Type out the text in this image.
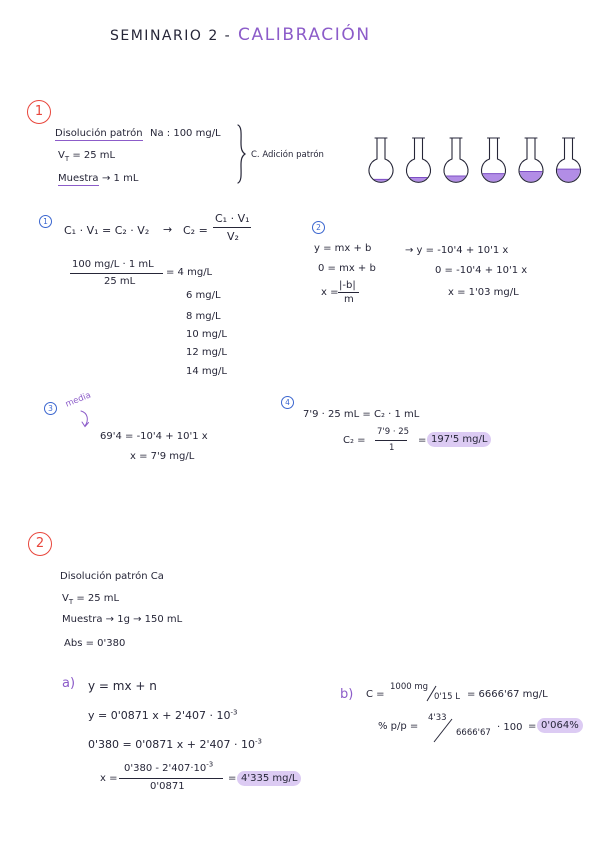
SEMINARIO 2 - CALIBRACIÓN
1
Disolución patrón Na : 100 mg/L
$V_T = 25$ mL
Muestra → 1 mL
C. Adición patrón
1
C₁ · V₁ = C₂ · V₂ → C₂ =
C₁ · V₁
V₂
100 mg/L · 1 mL
25 mL
= 4 mg/L
6 mg/L
8 mg/L
10 mg/L
12 mg/L
14 mg/L
2
y = mx + b	→ y = -10'4 + 10'1 x
0 = mx + b	0 = -10'4 + 10'1 x
x =
|-b|
m
x = 1'03 mg/L
3	media
69'4 = -10'4 + 10'1 x
x = 7'9 mg/L
4
7'9 · 25 mL = C₂ · 1 mL
C₂ =
7'9 · 25
1
= 197'5 mg/L
2
Disolución patrón Ca
$V_T = 25$ mL
Muestra → 1g → 150 mL
Abs = 0'380
a) y = mx + n
y = 0'0871 $x + 2'407 \cdot 10^{-3}$
0'380 = 0'0871 $x + 2'407 \cdot 10^{-3}$
x =
$0'380 - 2'407\cdot 10^{-3}$
0'0871
= 4'335 mg/L
b) C =
1000 mg
0'15 L = 6666'67 mg/L
% p/p =
4'33
6666'67 · 100 = 0'064%
